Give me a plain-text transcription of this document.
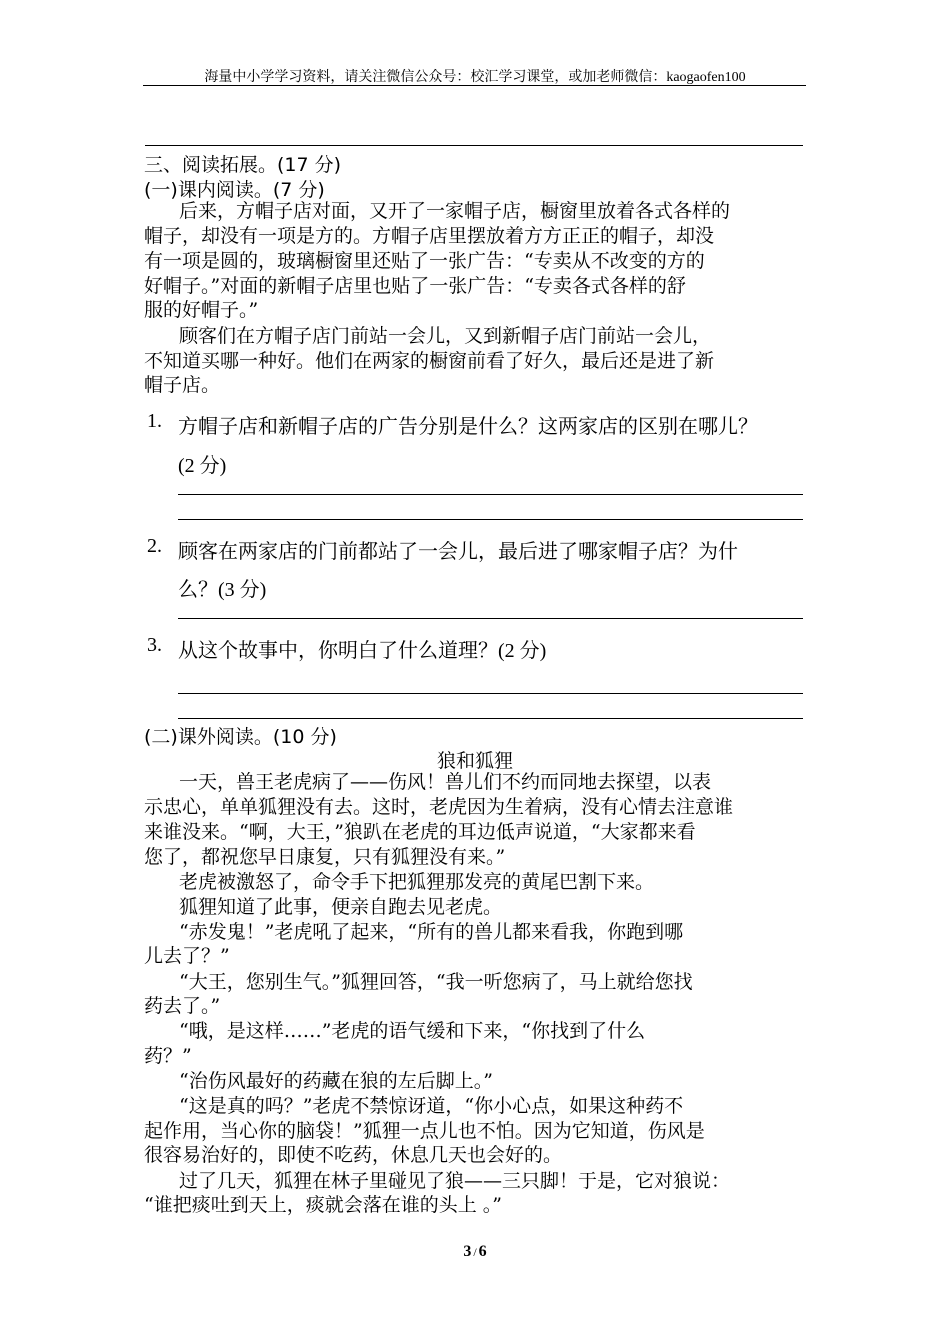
海量中小学学习资料，请关注微信公众号：校汇学习课堂，或加老师微信：kaogaofen100
三、阅读拓展。(17 分)
(一)课内阅读。(7 分)
后来，方帽子店对面，又开了一家帽子店，橱窗里放着各式各样的
帽子，却没有一项是方的。方帽子店里摆放着方方正正的帽子，却没
有一项是圆的，玻璃橱窗里还贴了一张广告：“专卖从不改变的方的
好帽子。”对面的新帽子店里也贴了一张广告：“专卖各式各样的舒
服的好帽子。”
顾客们在方帽子店门前站一会儿，又到新帽子店门前站一会儿，
不知道买哪一种好。他们在两家的橱窗前看了好久，最后还是进了新
帽子店。
1. 方帽子店和新帽子店的广告分别是什么？这两家店的区别在哪儿？
(2 分)
2. 顾客在两家店的门前都站了一会儿，最后进了哪家帽子店？为什
么？(3 分)
3. 从这个故事中，你明白了什么道理？(2 分)
(二)课外阅读。(10 分)
狼和狐狸
一天，兽王老虎病了——伤风！兽儿们不约而同地去探望，以表
示忠心，单单狐狸没有去。这时，老虎因为生着病，没有心情去注意谁
来谁没来。“啊，大王，”狼趴在老虎的耳边低声说道，“大家都来看
您了，都祝您早日康复，只有狐狸没有来。”
老虎被激怒了，命令手下把狐狸那发亮的黄尾巴割下来。
狐狸知道了此事，便亲自跑去见老虎。
“赤发鬼！”老虎吼了起来，“所有的兽儿都来看我，你跑到哪
儿去了？”
“大王，您别生气。”狐狸回答，“我一听您病了，马上就给您找
药去了。”
“哦，是这样……”老虎的语气缓和下来，“你找到了什么
药？”
“治伤风最好的药藏在狼的左后脚上。”
“这是真的吗？”老虎不禁惊讶道，“你小心点，如果这种药不
起作用，当心你的脑袋！”狐狸一点儿也不怕。因为它知道，伤风是
很容易治好的，即使不吃药，休息几天也会好的。
过了几天，狐狸在林子里碰见了狼——三只脚！于是，它对狼说：
“谁把痰吐到天上，痰就会落在谁的头上 。”
3 / 6
